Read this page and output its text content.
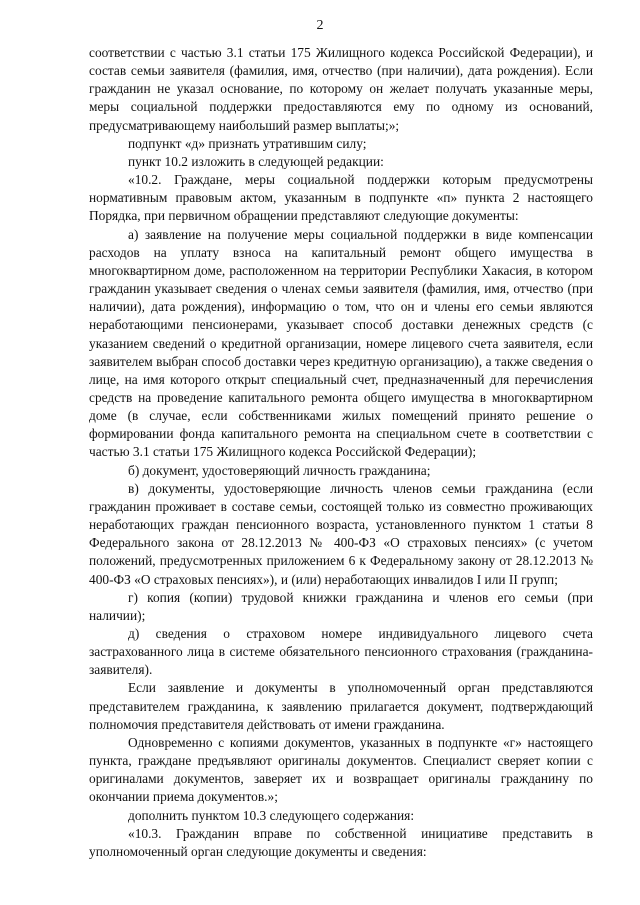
2

соответствии с частью 3.1 статьи 175 Жилищного кодекса Российской Федерации), и состав семьи заявителя (фамилия, имя, отчество (при наличии), дата рождения). Если гражданин не указал основание, по которому он желает получать указанные меры, меры социальной поддержки предоставляются ему по одному из оснований, предусматривающему наибольший размер выплаты;»;

подпункт «д» признать утратившим силу;

пункт 10.2 изложить в следующей редакции:

«10.2. Граждане, меры социальной поддержки которым предусмотрены нормативным правовым актом, указанным в подпункте «п» пункта 2 настоящего Порядка, при первичном обращении представляют следующие документы:

а) заявление на получение меры социальной поддержки в виде компенсации расходов на уплату взноса на капитальный ремонт общего имущества в многоквартирном доме, расположенном на территории Республики Хакасия, в котором гражданин указывает сведения о членах семьи заявителя (фамилия, имя, отчество (при наличии), дата рождения), информацию о том, что он и члены его семьи являются неработающими пенсионерами, указывает способ доставки денежных средств (с указанием сведений о кредитной организации, номере лицевого счета заявителя, если заявителем выбран способ доставки через кредитную организацию), а также сведения о лице, на имя которого открыт специальный счет, предназначенный для перечисления средств на проведение капитального ремонта общего имущества в многоквартирном доме (в случае, если собственниками жилых помещений принято решение о формировании фонда капитального ремонта на специальном счете в соответствии с частью 3.1 статьи 175 Жилищного кодекса Российской Федерации);

б) документ, удостоверяющий личность гражданина;

в) документы, удостоверяющие личность членов семьи гражданина (если гражданин проживает в составе семьи, состоящей только из совместно проживающих неработающих граждан пенсионного возраста, установленного пунктом 1 статьи 8 Федерального закона от 28.12.2013 № 400-ФЗ «О страховых пенсиях» (с учетом положений, предусмотренных приложением 6 к Федеральному закону от 28.12.2013 № 400-ФЗ «О страховых пенсиях»), и (или) неработающих инвалидов I или II групп;

г) копия (копии) трудовой книжки гражданина и членов его семьи (при наличии);

д) сведения о страховом номере индивидуального лицевого счета застрахованного лица в системе обязательного пенсионного страхования (гражданина-заявителя).

Если заявление и документы в уполномоченный орган представляются представителем гражданина, к заявлению прилагается документ, подтверждающий полномочия представителя действовать от имени гражданина.

Одновременно с копиями документов, указанных в подпункте «г» настоящего пункта, граждане предъявляют оригиналы документов. Специалист сверяет копии с оригиналами документов, заверяет их и возвращает оригиналы гражданину по окончании приема документов.»;

дополнить пунктом 10.3 следующего содержания:

«10.3. Гражданин вправе по собственной инициативе представить в уполномоченный орган следующие документы и сведения:
